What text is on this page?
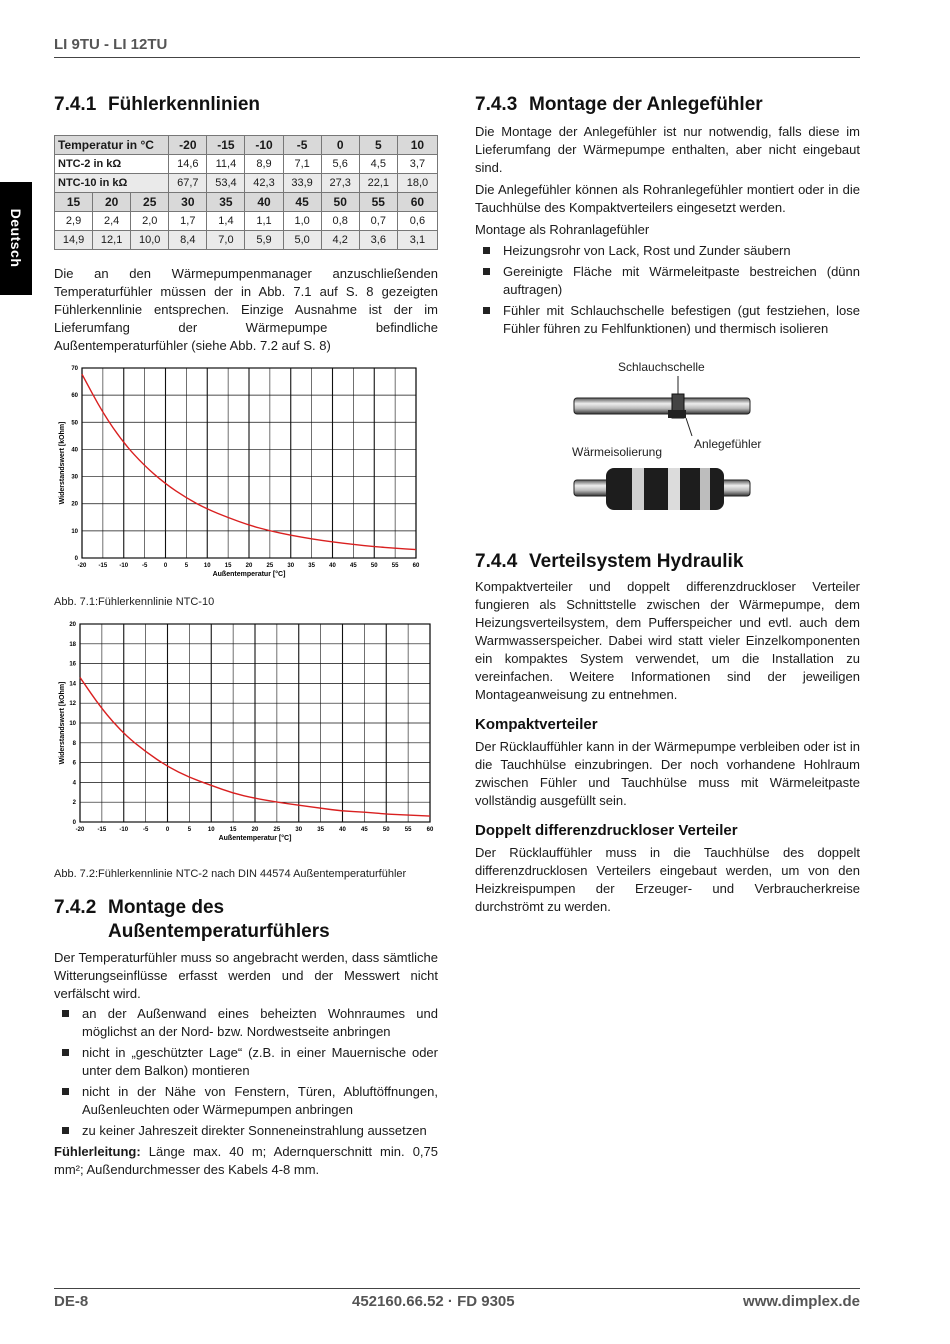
LI 9TU - LI 12TU
Deutsch
7.4.1 Fühlerkennlinien
Temperatur in °C			-20	-15	-10	-5	0	5	10
NTC-2 in kΩ			14,6	11,4	8,9	7,1	5,6	4,5	3,7
NTC-10 in kΩ			67,7	53,4	42,3	33,9	27,3	22,1	18,0
15	20	25	30	35	40	45	50	55	60
2,9	2,4	2,0	1,7	1,4	1,1	1,0	0,8	0,7	0,6
14,9	12,1	10,0	8,4	7,0	5,9	5,0	4,2	3,6	3,1

Die an den Wärmepumpenmanager anzuschließenden Temperaturfühler müssen der in Abb. 7.1 auf S. 8 gezeigten Fühlerkennlinie entsprechen. Einzige Ausnahme ist der im Lieferumfang der Wärmepumpe befindliche Außentemperaturfühler (siehe Abb. 7.2 auf S. 8)

-20 -15 -10 -5	0	5	10 15 20 25 30 35 40 45 50 55 60
0
10
20
30
40
50
60
70
Außentemperatur [°C]
Widerstandswert [kOhm]
Abb. 7.1:Fühlerkennlinie NTC-10
-20 -15 -10 -5	0	5	10	15	20	25	30	35	40	45	50	55	60
0
2
4
6
8
10
12
14
16
18
20
Außentemperatur [°C]
Widerstandswert [kOhm]
Abb. 7.2:Fühlerkennlinie NTC-2 nach DIN 44574 Außentemperaturfühler
7.4.2 Montage des
Außentemperaturfühlers

Der Temperaturfühler muss so angebracht werden, dass sämtliche Witterungseinflüsse erfasst werden und der Messwert nicht verfälscht wird.

an der Außenwand eines beheizten Wohnraumes und möglichst an der Nord- bzw. Nordwestseite anbringen
nicht in „geschützter Lage“ (z.B. in einer Mauernische oder unter dem Balkon) montieren
nicht in der Nähe von Fenstern, Türen, Abluftöffnungen, Außenleuchten oder Wärmepumpen anbringen
zu keiner Jahreszeit direkter Sonneneinstrahlung aussetzen

Fühlerleitung: Länge max. 40 m; Adernquerschnitt min. 0,75 mm²; Außendurchmesser des Kabels 4-8 mm.

7.4.3 Montage der Anlegefühler

Die Montage der Anlegefühler ist nur notwendig, falls diese im Lieferumfang der Wärmepumpe enthalten, aber nicht eingebaut sind.

Die Anlegefühler können als Rohranlegefühler montiert oder in die Tauchhülse des Kompaktverteilers eingesetzt werden.

Montage als Rohranlagefühler

Heizungsrohr von Lack, Rost und Zunder säubern
Gereinigte Fläche mit Wärmeleitpaste bestreichen (dünn auftragen)
Fühler mit Schlauchschelle befestigen (gut festziehen, lose Fühler führen zu Fehlfunktionen) und thermisch isolieren
Schlauchschelle
Anlegefühler
Wärmeisolierung
7.4.4 Verteilsystem Hydraulik

Kompaktverteiler und doppelt differenzdruckloser Verteiler fungieren als Schnittstelle zwischen der Wärmepumpe, dem Heizungsverteilsystem, dem Pufferspeicher und evtl. auch dem Warmwasserspeicher. Dabei wird statt vieler Einzelkomponenten ein kompaktes System verwendet, um die Installation zu vereinfachen. Weitere Informationen sind der jeweiligen Montageanweisung zu entnehmen.

Kompaktverteiler

Der Rücklauffühler kann in der Wärmepumpe verbleiben oder ist in die Tauchhülse einzubringen. Der noch vorhandene Hohlraum zwischen Fühler und Tauchhülse muss mit Wärmeleitpaste vollständig ausgefüllt sein.

Doppelt differenzdruckloser Verteiler

Der Rücklauffühler muss in die Tauchhülse des doppelt differenzdrucklosen Verteilers eingebaut werden, um von den Heizkreispumpen der Erzeuger- und Verbraucherkreise durchströmt zu werden.

DE-8	452160.66.52 · FD 9305	www.dimplex.de
